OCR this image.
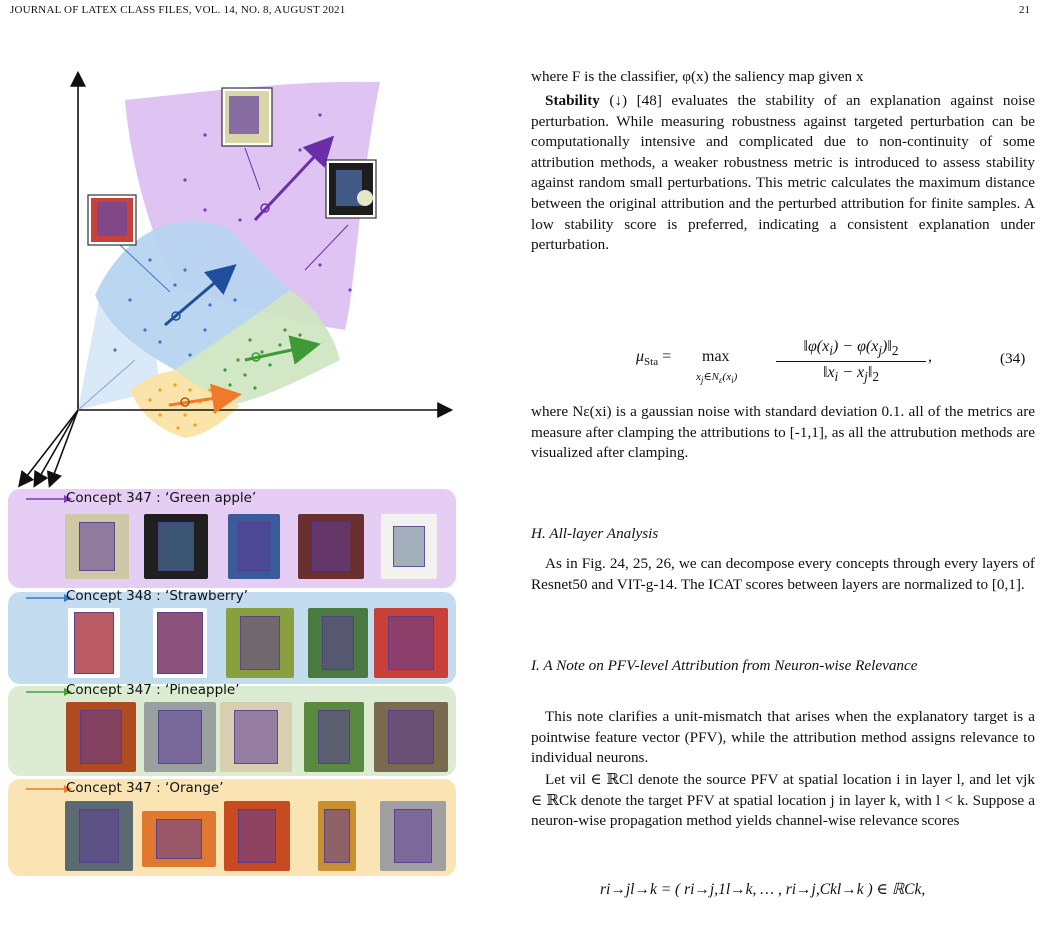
JOURNAL OF LATEX CLASS FILES, VOL. 14, NO. 8, AUGUST 2021	21
Concept 347 : ‘Green apple’
Concept 348 : ‘Strawberry’
Concept 347 : ‘Pineapple’
Concept 347 : ‘Orange’

where F is the classifier, φ(x) the saliency map given x

Stability (↓) [48] evaluates the stability of an explanation against noise perturbation. While measuring robustness against targeted perturbation can be computationally intensive and complicated due to non-continuity of some attribution methods, a weaker robustness metric is introduced to assess stability against random small perturbations. This metric calculates the maximum distance between the original attribution and the perturbed attribution for finite samples. A low stability score is preferred, indicating a consistent explanation under perturbation.

$\mu_{Sta} = \max$
$x_j\in N_\varepsilon(x_i)$
$‖\varphi(x_i)$ − $\varphi(x_j)‖_2$
$‖x_i$ − $x_j‖_2$
,	(34)

where Nε(xi) is a gaussian noise with standard deviation 0.1. all of the metrics are measure after clamping the attributions to [-1,1], as all the attrubution methods are visualized after clamping.

H. All-layer Analysis

As in Fig. 24, 25, 26, we can decompose every concepts through every layers of Resnet50 and VIT-g-14. The ICAT scores between layers are normalized to [0,1].

I. A Note on PFV-level Attribution from Neuron-wise Relevance

This note clarifies a unit-mismatch that arises when the explanatory target is a pointwise feature vector (PFV), while the attribution method assigns relevance to individual neurons.

Let vil ∈ ℝCl denote the source PFV at spatial location i in layer l, and let vjk ∈ ℝCk denote the target PFV at spatial location j in layer k, with l < k. Suppose a neuron-wise propagation method yields channel-wise relevance scores

ri→jl→k = ( ri→j,1l→k, … , ri→j,Ckl→k ) ∈ ℝCk,
